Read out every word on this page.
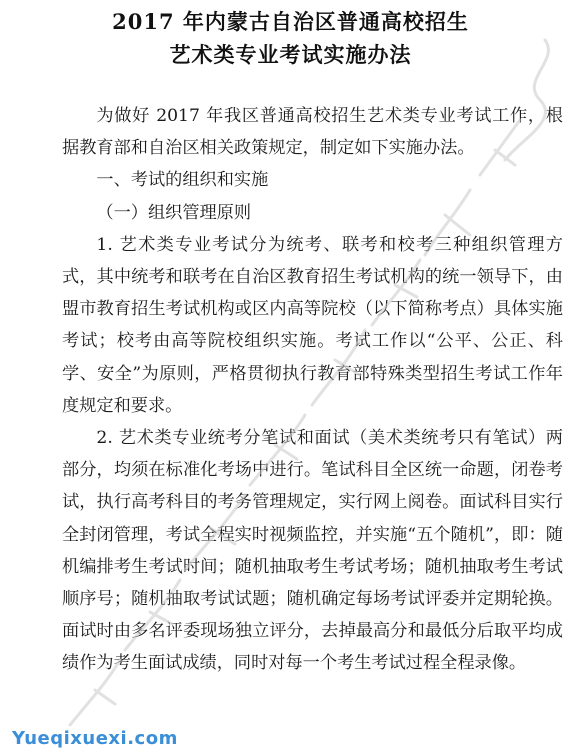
2017 年内蒙古自治区普通高校招生
艺术类专业考试实施办法

为做好 2017 年我区普通高校招生艺术类专业考试工作，根据教育部和自治区相关政策规定，制定如下实施办法。

一、考试的组织和实施

（一）组织管理原则

1. 艺术类专业考试分为统考、联考和校考三种组织管理方式，其中统考和联考在自治区教育招生考试机构的统一领导下，由盟市教育招生考试机构或区内高等院校（以下简称考点）具体实施考试；校考由高等院校组织实施。考试工作以“公平、公正、科学、安全”为原则，严格贯彻执行教育部特殊类型招生考试工作年度规定和要求。

2. 艺术类专业统考分笔试和面试（美术类统考只有笔试）两部分，均须在标准化考场中进行。笔试科目全区统一命题，闭卷考试，执行高考科目的考务管理规定，实行网上阅卷。面试科目实行全封闭管理，考试全程实时视频监控，并实施“五个随机”，即：随机编排考生考试时间；随机抽取考生考试考场；随机抽取考生考试顺序号；随机抽取考试试题；随机确定每场考试评委并定期轮换。面试时由多名评委现场独立评分，去掉最高分和最低分后取平均成绩作为考生面试成绩，同时对每一个考生考试过程全程录像。

Yueqixuexi.com
